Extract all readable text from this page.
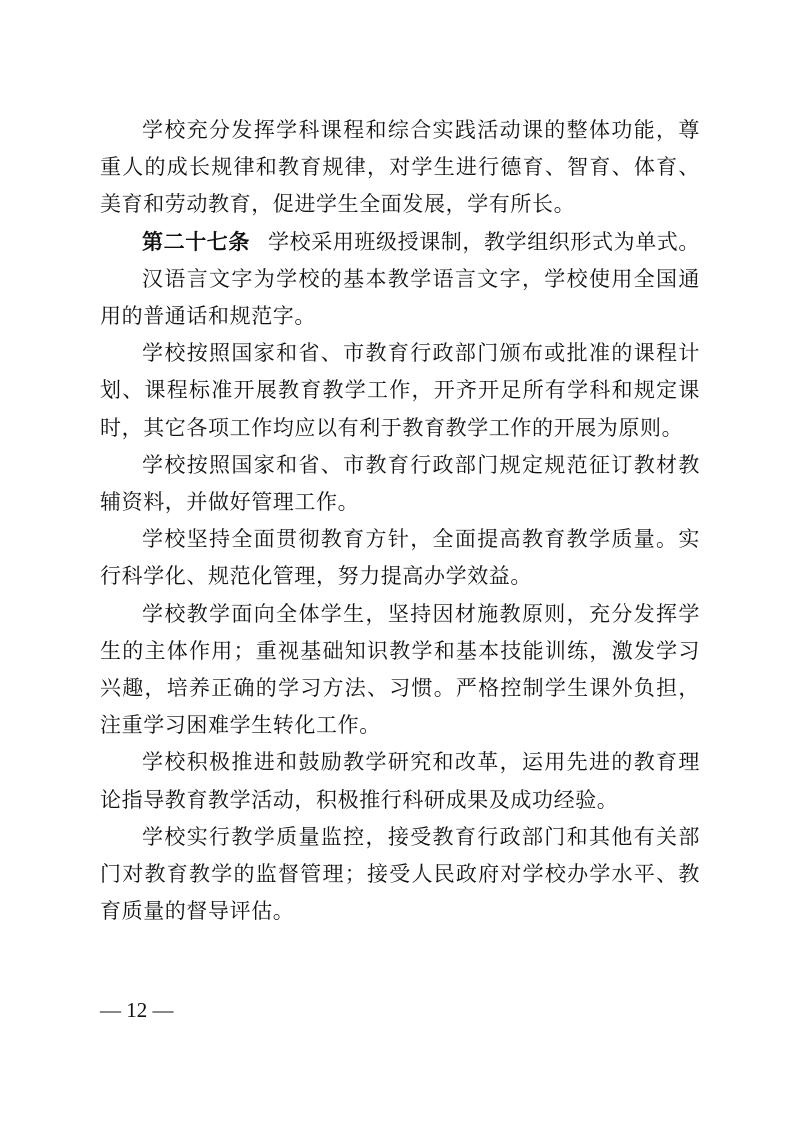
学校充分发挥学科课程和综合实践活动课的整体功能，尊重人的成长规律和教育规律，对学生进行德育、智育、体育、美育和劳动教育，促进学生全面发展，学有所长。

第二十七条 学校采用班级授课制，教学组织形式为单式。

汉语言文字为学校的基本教学语言文字，学校使用全国通用的普通话和规范字。

学校按照国家和省、市教育行政部门颁布或批准的课程计划、课程标准开展教育教学工作，开齐开足所有学科和规定课时，其它各项工作均应以有利于教育教学工作的开展为原则。

学校按照国家和省、市教育行政部门规定规范征订教材教辅资料，并做好管理工作。

学校坚持全面贯彻教育方针，全面提高教育教学质量。实行科学化、规范化管理，努力提高办学效益。

学校教学面向全体学生，坚持因材施教原则，充分发挥学生的主体作用；重视基础知识教学和基本技能训练，激发学习兴趣，培养正确的学习方法、习惯。严格控制学生课外负担，注重学习困难学生转化工作。

学校积极推进和鼓励教学研究和改革，运用先进的教育理论指导教育教学活动，积极推行科研成果及成功经验。

学校实行教学质量监控，接受教育行政部门和其他有关部门对教育教学的监督管理；接受人民政府对学校办学水平、教育质量的督导评估。

— 12 —
